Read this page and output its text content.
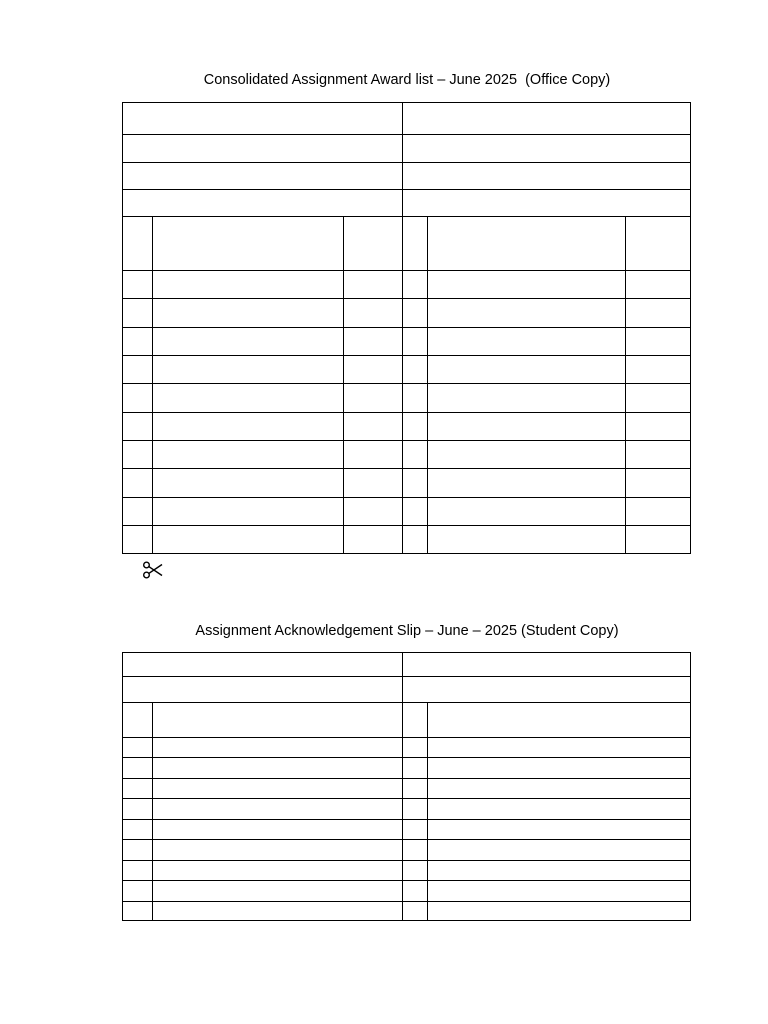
Consolidated Assignment Award list – June 2025  (Office Copy)
Assignment Acknowledgement Slip – June – 2025 (Student Copy)
